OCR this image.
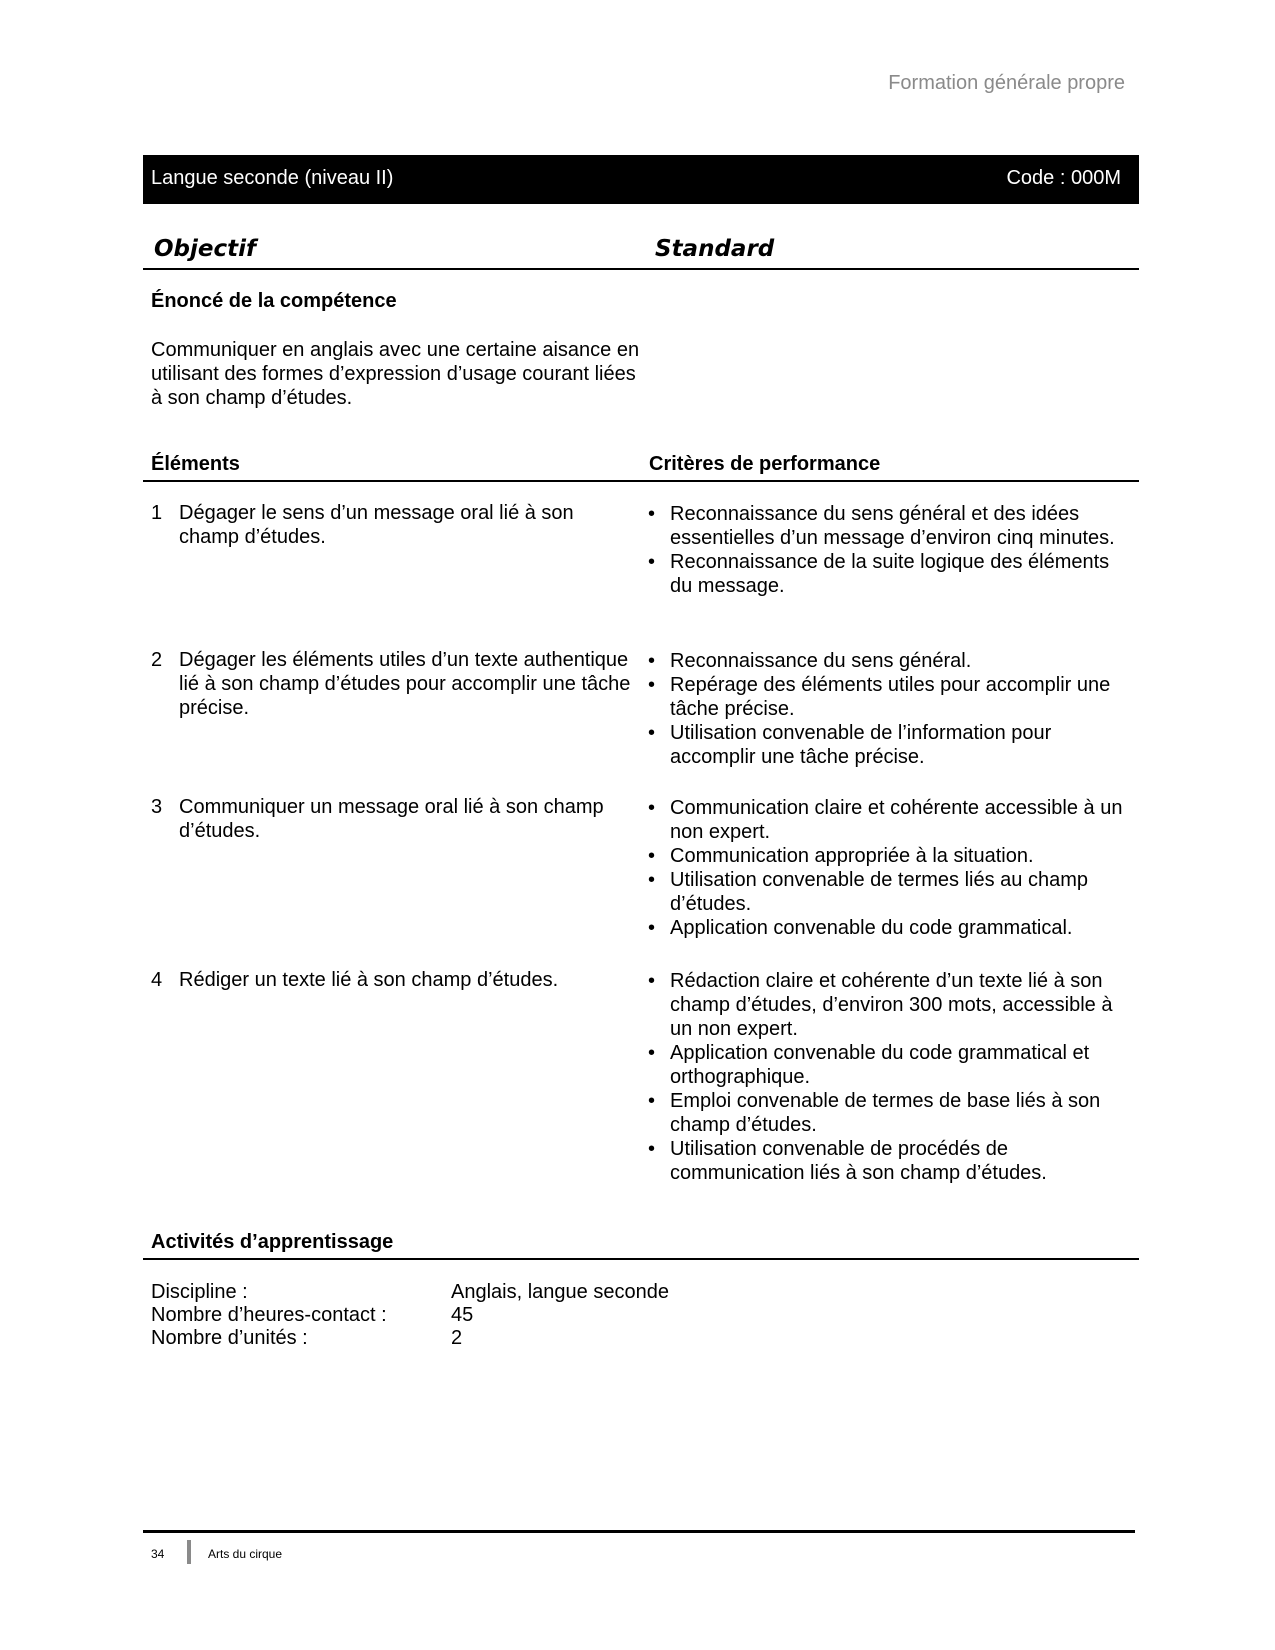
Formation générale propre
Langue seconde (niveau II)	Code : 000M
Objectif	Standard
Énoncé de la compétence
Communiquer en anglais avec une certaine aisance en utilisant des formes d’expression d’usage courant liées à son champ d’études.
Éléments	Critères de performance
1 Dégager le sens d’un message oral lié à son champ d’études.
• Reconnaissance du sens général et des idées essentielles d’un message d’environ cinq minutes.
• Reconnaissance de la suite logique des éléments du message.
2 Dégager les éléments utiles d’un texte authentique lié à son champ d’études pour accomplir une tâche précise.
• Reconnaissance du sens général.
• Repérage des éléments utiles pour accomplir une tâche précise.
• Utilisation convenable de l’information pour accomplir une tâche précise.
3 Communiquer un message oral lié à son champ d’études.
• Communication claire et cohérente accessible à un non expert.
• Communication appropriée à la situation.
• Utilisation convenable de termes liés au champ d’études.
• Application convenable du code grammatical.
4 Rédiger un texte lié à son champ d’études.
•	Rédaction claire et cohérente d’un texte lié à son champ d’études, d’environ 300 mots, accessible à un non expert.
• Application convenable du code grammatical et orthographique.
• Emploi convenable de termes de base liés à son champ d’études.
• Utilisation convenable de procédés de communication liés à son champ d’études.
Activités d’apprentissage
Discipline :	Anglais, langue seconde
Nombre d’heures-contact :	45
Nombre d’unités :	2
34	Arts du cirque
